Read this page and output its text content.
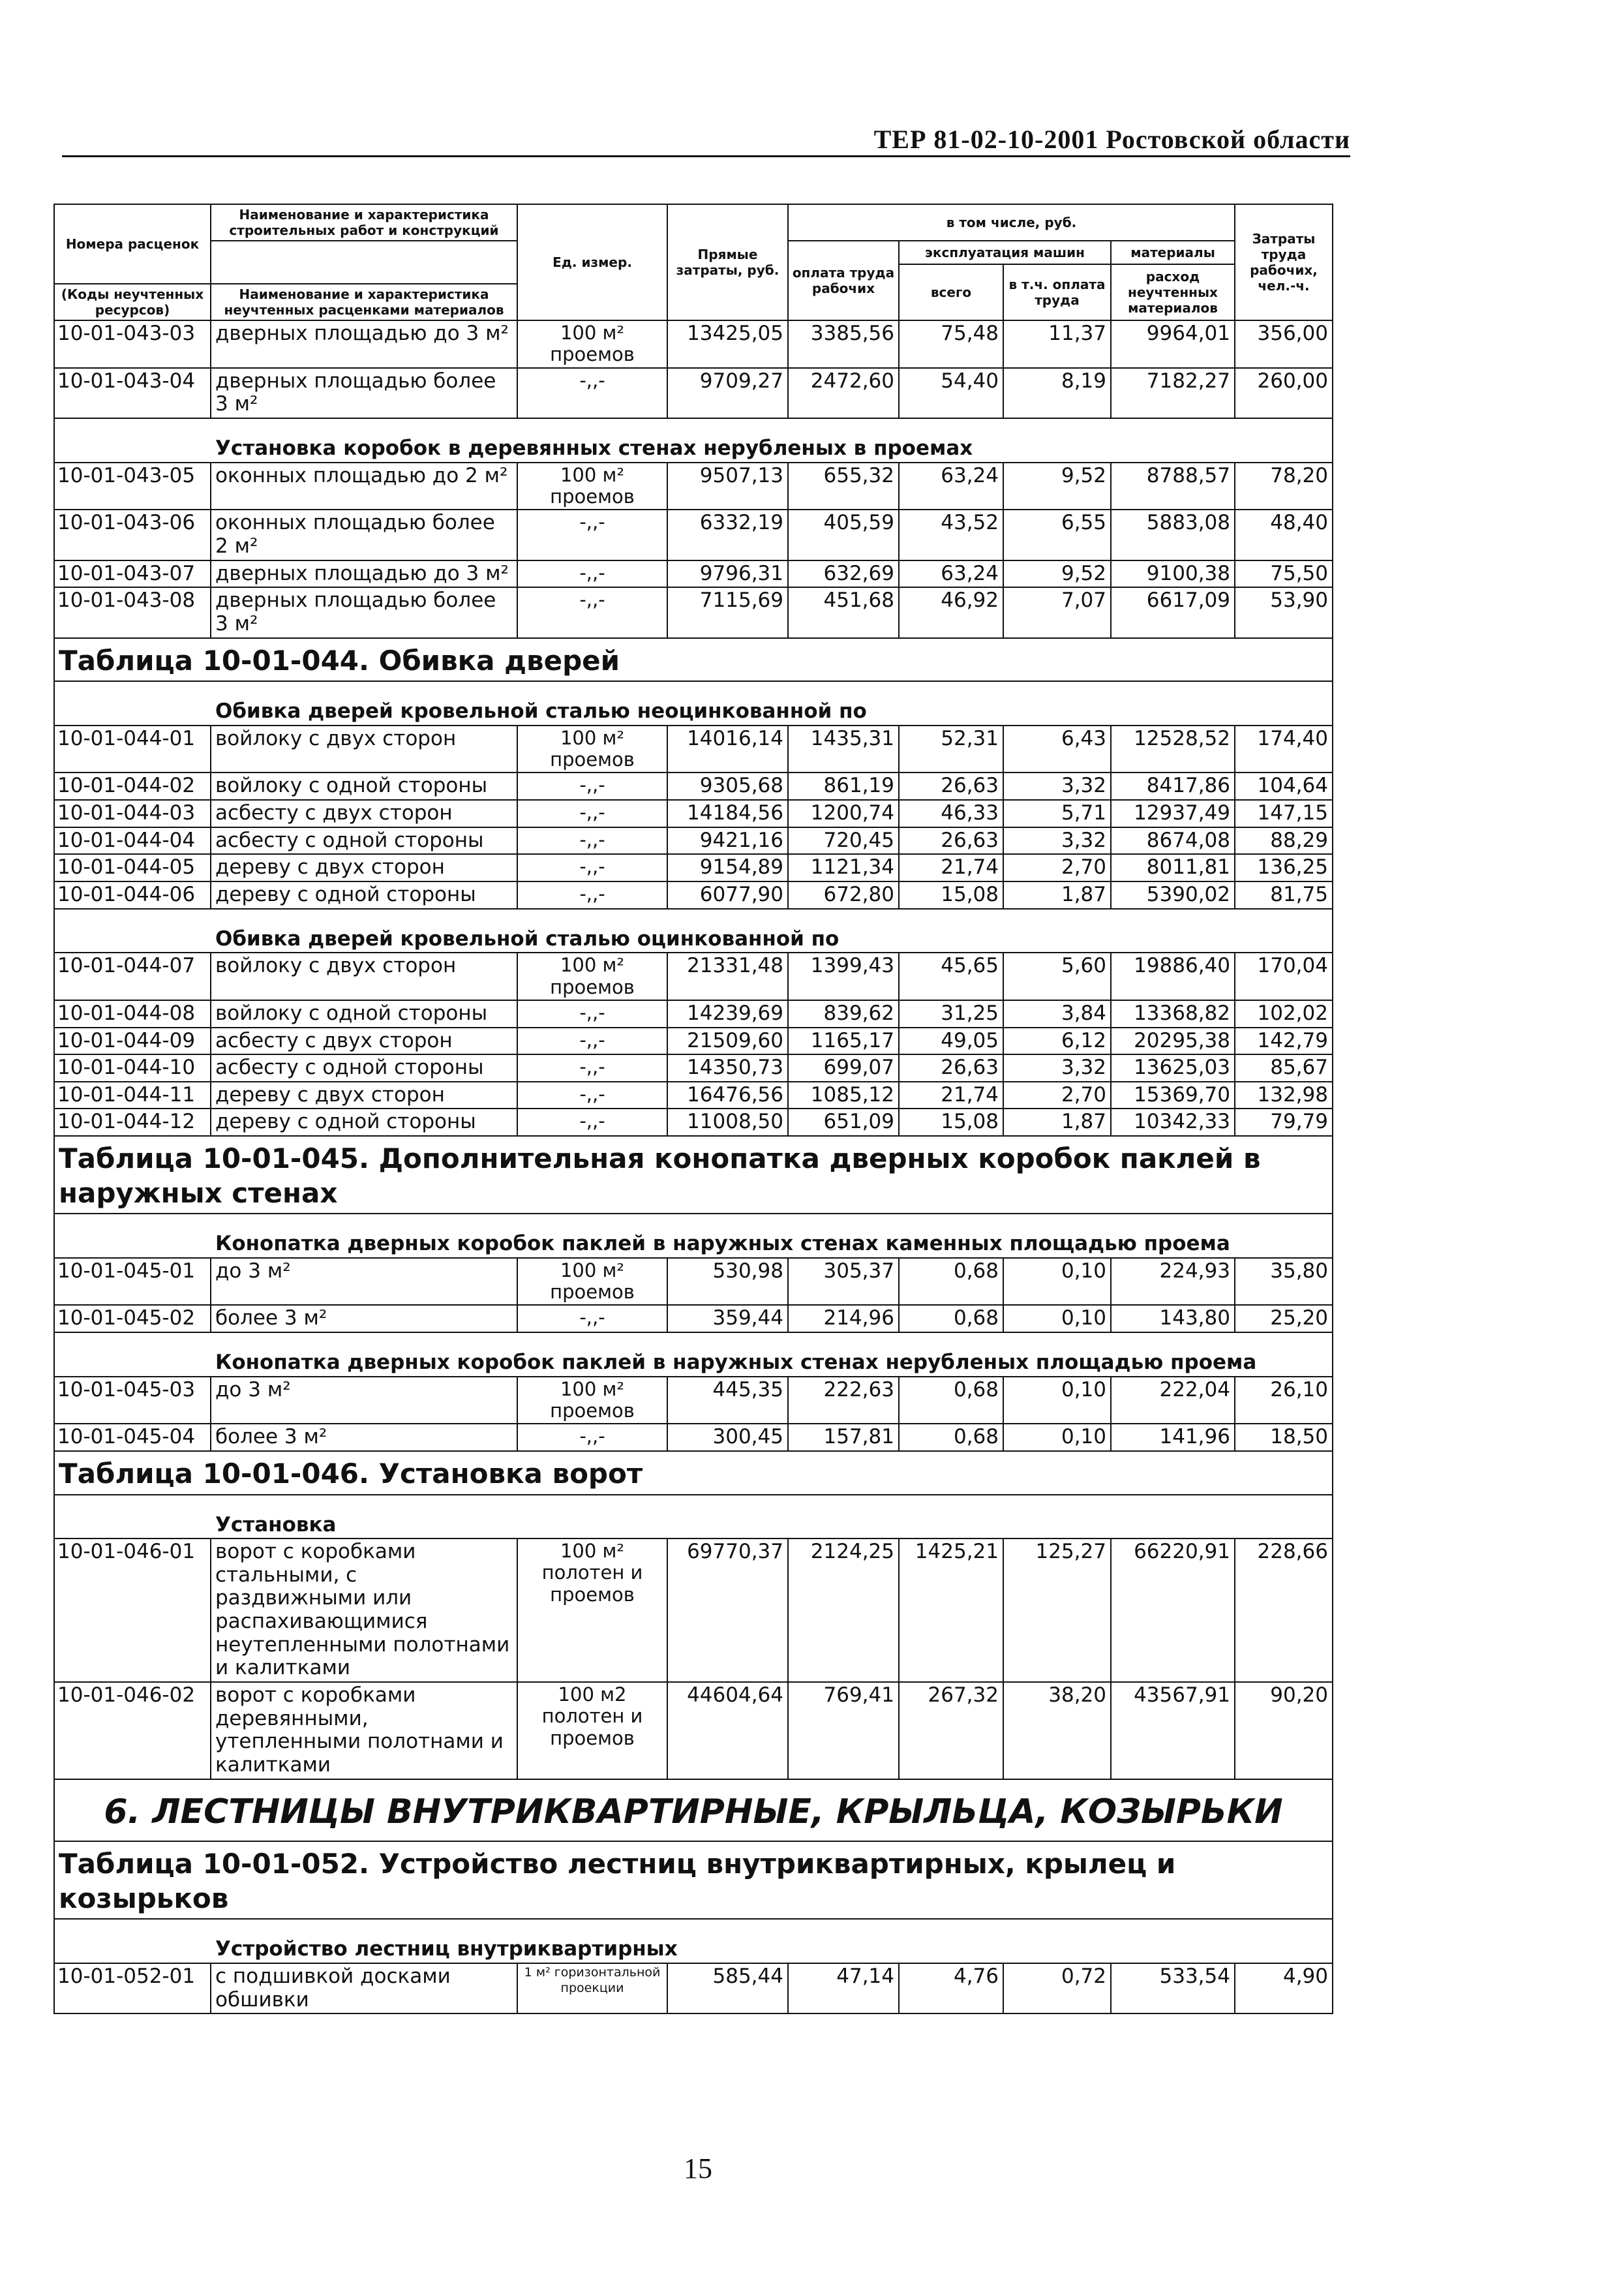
ТЕР 81-02-10-2001 Ростовской области
Номера расценок	Наименование и характеристика строительных работ и конструкций	Ед. измер.	Прямые затраты, руб.	в том числе, руб.				Затраты труда рабочих, чел.-ч.
				оплата труда рабочих	эксплуатация машин		материалы	
					всего	в т.ч. оплата труда	расход неучтенных материалов	
(Коды неучтенных ресурсов)	Наименование и характеристика неучтенных расценками материалов							
10-01-043-03	дверных площадью до 3 м²	100 м² проемов	13425,05	3385,56	75,48	11,37	9964,01	356,00
10-01-043-04	дверных площадью более 3 м²	-,,-	9709,27	2472,60	54,40	8,19	7182,27	260,00
Установка коробок в деревянных стенах нерубленых в проемах								
10-01-043-05	оконных площадью до 2 м²	100 м² проемов	9507,13	655,32	63,24	9,52	8788,57	78,20
10-01-043-06	оконных площадью более 2 м²	-,,-	6332,19	405,59	43,52	6,55	5883,08	48,40
10-01-043-07	дверных площадью до 3 м²	-,,-	9796,31	632,69	63,24	9,52	9100,38	75,50
10-01-043-08	дверных площадью более 3 м²	-,,-	7115,69	451,68	46,92	7,07	6617,09	53,90
Таблица 10-01-044. Обивка дверей								
Обивка дверей кровельной сталью неоцинкованной по								
10-01-044-01	войлоку с двух сторон	100 м² проемов	14016,14	1435,31	52,31	6,43	12528,52	174,40
10-01-044-02	войлоку с одной стороны	-,,-	9305,68	861,19	26,63	3,32	8417,86	104,64
10-01-044-03	асбесту с двух сторон	-,,-	14184,56	1200,74	46,33	5,71	12937,49	147,15
10-01-044-04	асбесту с одной стороны	-,,-	9421,16	720,45	26,63	3,32	8674,08	88,29
10-01-044-05	дереву с двух сторон	-,,-	9154,89	1121,34	21,74	2,70	8011,81	136,25
10-01-044-06	дереву с одной стороны	-,,-	6077,90	672,80	15,08	1,87	5390,02	81,75
Обивка дверей кровельной сталью оцинкованной по								
10-01-044-07	войлоку с двух сторон	100 м² проемов	21331,48	1399,43	45,65	5,60	19886,40	170,04
10-01-044-08	войлоку с одной стороны	-,,-	14239,69	839,62	31,25	3,84	13368,82	102,02
10-01-044-09	асбесту с двух сторон	-,,-	21509,60	1165,17	49,05	6,12	20295,38	142,79
10-01-044-10	асбесту с одной стороны	-,,-	14350,73	699,07	26,63	3,32	13625,03	85,67
10-01-044-11	дереву с двух сторон	-,,-	16476,56	1085,12	21,74	2,70	15369,70	132,98
10-01-044-12	дереву с одной стороны	-,,-	11008,50	651,09	15,08	1,87	10342,33	79,79
Таблица 10-01-045. Дополнительная конопатка дверных коробок паклей в наружных стенах								
Конопатка дверных коробок паклей в наружных стенах каменных площадью проема								
10-01-045-01	до 3 м²	100 м² проемов	530,98	305,37	0,68	0,10	224,93	35,80
10-01-045-02	более 3 м²	-,,-	359,44	214,96	0,68	0,10	143,80	25,20
Конопатка дверных коробок паклей в наружных стенах нерубленых площадью проема								
10-01-045-03	до 3 м²	100 м² проемов	445,35	222,63	0,68	0,10	222,04	26,10
10-01-045-04	более 3 м²	-,,-	300,45	157,81	0,68	0,10	141,96	18,50
Таблица 10-01-046. Установка ворот								
Установка								
10-01-046-01	ворот с коробками стальными, с раздвижными или распахивающимися неутепленными полотнами и калитками	100 м² полотен и проемов	69770,37	2124,25	1425,21	125,27	66220,91	228,66
10-01-046-02	ворот с коробками деревянными, утепленными полотнами и калитками	100 м2 полотен и проемов	44604,64	769,41	267,32	38,20	43567,91	90,20
6. ЛЕСТНИЦЫ ВНУТРИКВАРТИРНЫЕ, КРЫЛЬЦА, КОЗЫРЬКИ								
Таблица 10-01-052. Устройство лестниц внутриквартирных, крылец и козырьков								
Устройство лестниц внутриквартирных								
10-01-052-01	с подшивкой досками обшивки	1 м² горизонтальной проекции	585,44	47,14	4,76	0,72	533,54	4,90
15
